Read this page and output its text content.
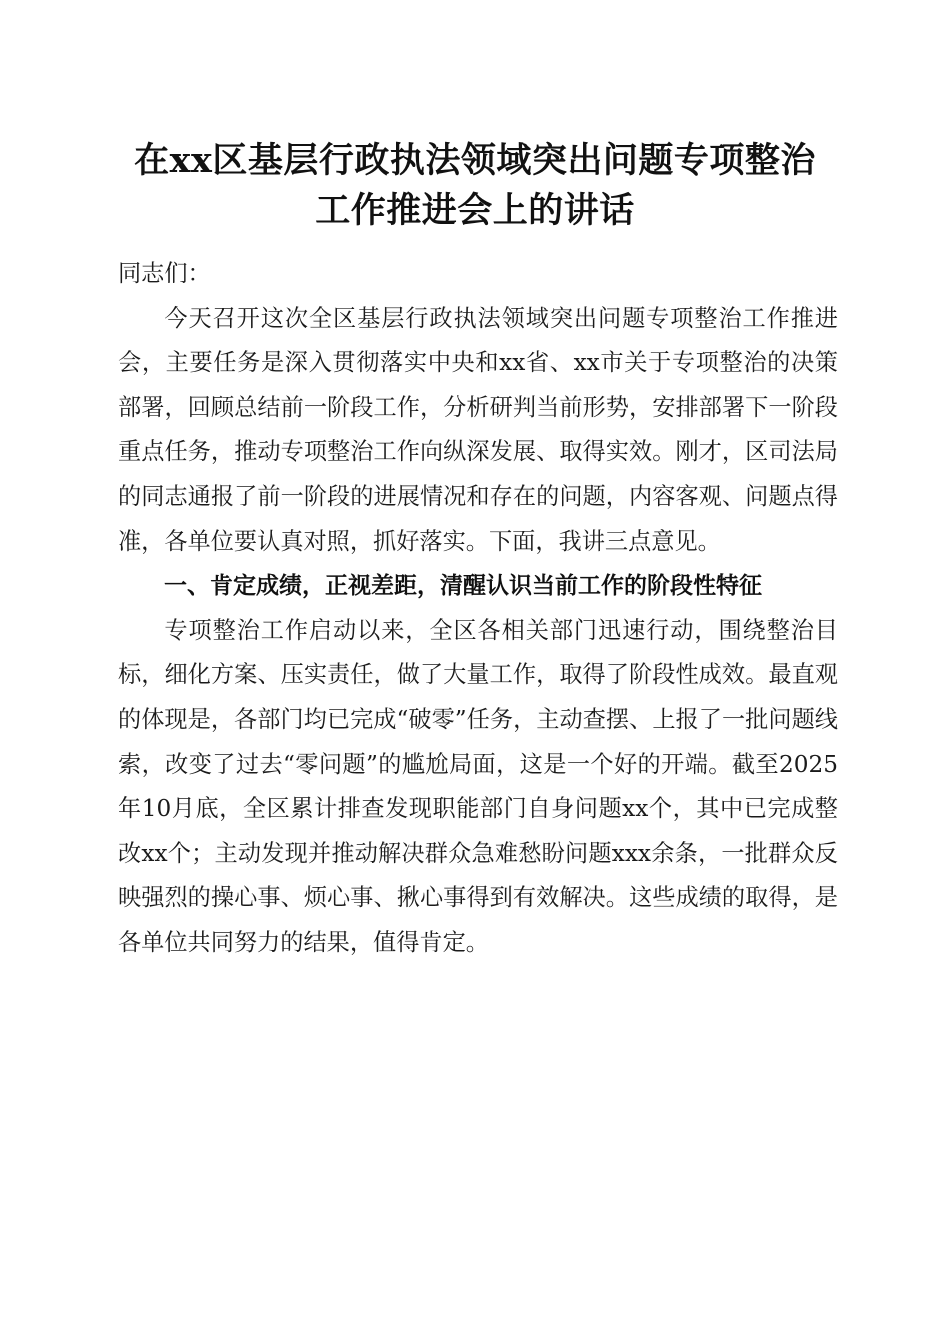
在xx区基层行政执法领域突出问题专项整治
工作推进会上的讲话

同志们：

今天召开这次全区基层行政执法领域突出问题专项整治工作推进会，主要任务是深入贯彻落实中央和xx省、xx市关于专项整治的决策部署，回顾总结前一阶段工作，分析研判当前形势，安排部署下一阶段重点任务，推动专项整治工作向纵深发展、取得实效。刚才，区司法局的同志通报了前一阶段的进展情况和存在的问题，内容客观、问题点得准，各单位要认真对照，抓好落实。下面，我讲三点意见。

一、肯定成绩，正视差距，清醒认识当前工作的阶段性特征

专项整治工作启动以来，全区各相关部门迅速行动，围绕整治目标，细化方案、压实责任，做了大量工作，取得了阶段性成效。最直观的体现是，各部门均已完成“破零”任务，主动查摆、上报了一批问题线索，改变了过去“零问题”的尴尬局面，这是一个好的开端。截至2025年10月底，全区累计排查发现职能部门自身问题xx个，其中已完成整改xx个；主动发现并推动解决群众急难愁盼问题xxx余条，一批群众反映强烈的操心事、烦心事、揪心事得到有效解决。这些成绩的取得，是各单位共同努力的结果，值得肯定。
